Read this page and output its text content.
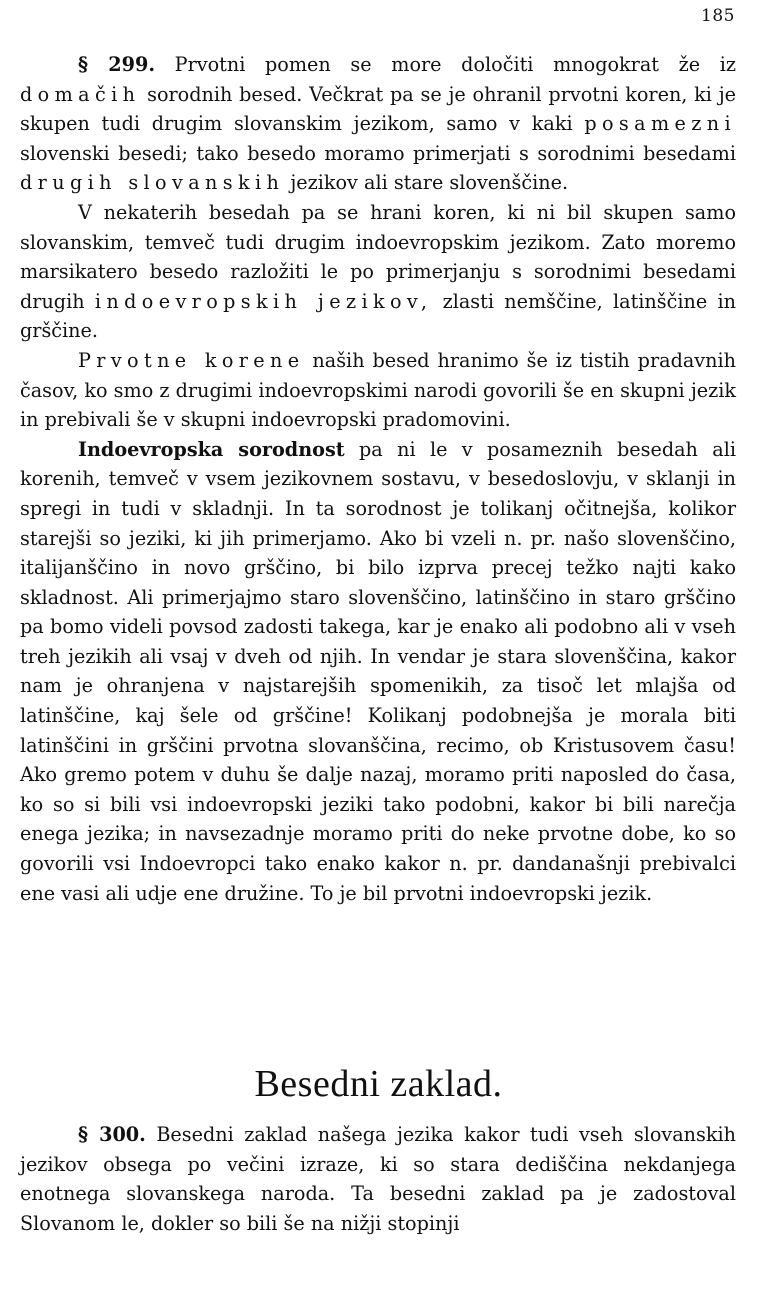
185

§ 299. Prvotni pomen se more določiti mnogokrat že iz domačih sorodnih besed. Večkrat pa se je ohranil prvotni koren, ki je skupen tudi drugim slovanskim jezikom, samo v kaki posamezni slovenski besedi; tako besedo moramo primerjati s sorodnimi besedami drugih slovanskih jezikov ali stare slovenščine.

V nekaterih besedah pa se hrani koren, ki ni bil skupen samo slovanskim, temveč tudi drugim indoevropskim jezikom. Zato moremo marsikatero besedo razložiti le po primerjanju s sorodnimi besedami drugih indoevropskih jezikov, zlasti nemščine, latinščine in grščine.

Prvotne korene naših besed hranimo še iz tistih pradavnih časov, ko smo z drugimi indoevropskimi narodi govorili še en skupni jezik in prebivali še v skupni indoevropski pradomovini.

Indoevropska sorodnost pa ni le v posameznih besedah ali korenih, temveč v vsem jezikovnem sostavu, v besedoslovju, v sklanji in spregi in tudi v skladnji. In ta sorodnost je tolikanj očitnejša, kolikor starejši so jeziki, ki jih primerjamo. Ako bi vzeli n. pr. našo slovenščino, italijanščino in novo grščino, bi bilo izprva precej težko najti kako skladnost. Ali primerjajmo staro slovenščino, latinščino in staro grščino pa bomo videli povsod zadosti takega, kar je enako ali podobno ali v vseh treh jezikih ali vsaj v dveh od njih. In vendar je stara slovenščina, kakor nam je ohranjena v najstarejših spomenikih, za tisoč let mlajša od latinščine, kaj šele od grščine! Kolikanj podobnejša je morala biti latinščini in grščini prvotna slovanščina, recimo, ob Kristusovem času! Ako gremo potem v duhu še dalje nazaj, moramo priti naposled do časa, ko so si bili vsi indoevropski jeziki tako podobni, kakor bi bili narečja enega jezika; in navsezadnje moramo priti do neke prvotne dobe, ko so govorili vsi Indoevropci tako enako kakor n. pr. dandanašnji prebivalci ene vasi ali udje ene družine. To je bil prvotni indoevropski jezik.

Besedni zaklad.

§ 300. Besedni zaklad našega jezika kakor tudi vseh slovanskih jezikov obsega po večini izraze, ki so stara dediščina nekdanjega enotnega slovanskega naroda. Ta besedni zaklad pa je zadostoval Slovanom le, dokler so bili še na nižji stopinji
